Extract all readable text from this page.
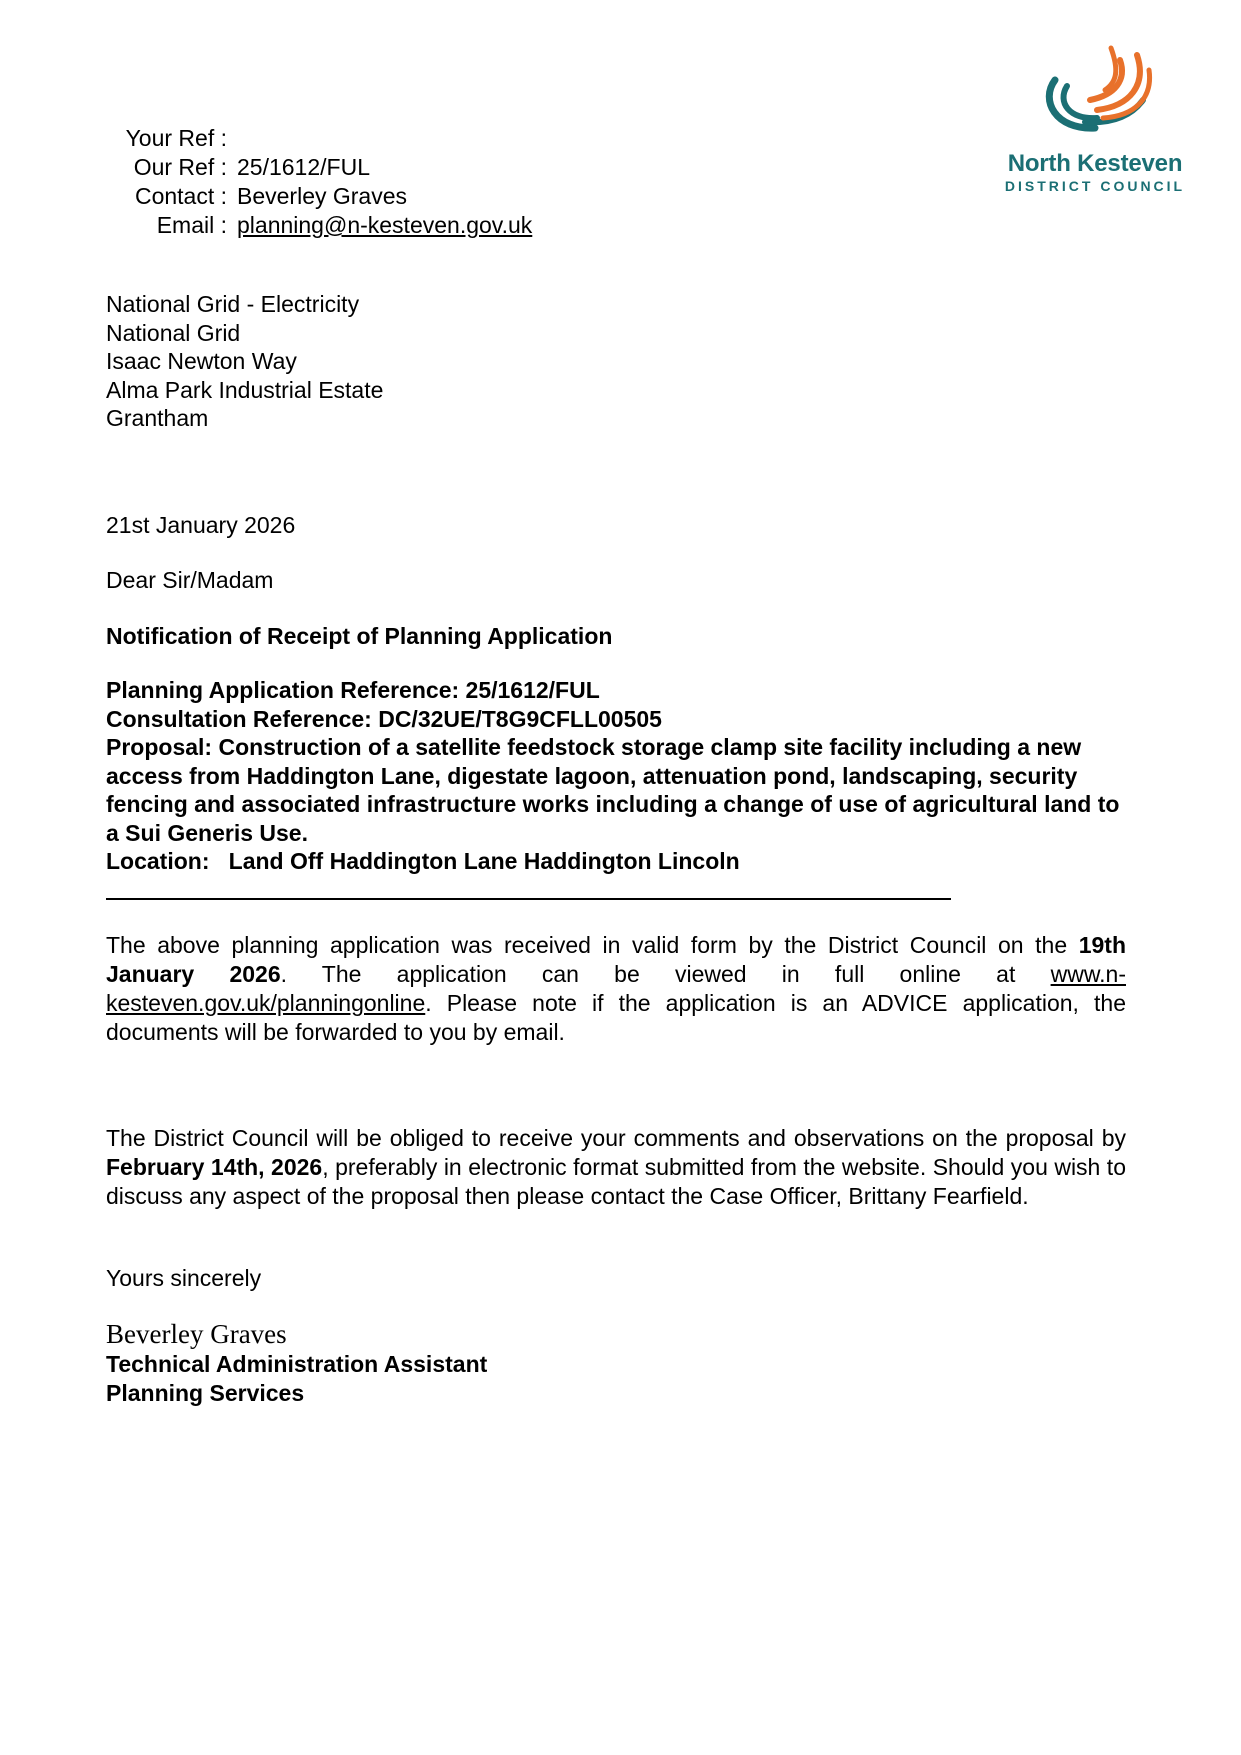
North Kesteven
DISTRICT COUNCIL
Your Ref :
Our Ref : 25/1612/FUL
Contact : Beverley Graves
Email : planning@n-kesteven.gov.uk
National Grid - Electricity
National Grid
Isaac Newton Way
Alma Park Industrial Estate
Grantham
21st January 2026
Dear Sir/Madam
Notification of Receipt of Planning Application
Planning Application Reference: 25/1612/FUL
Consultation Reference: DC/32UE/T8G9CFLL00505
Proposal: Construction of a satellite feedstock storage clamp site facility including a new access from Haddington Lane, digestate lagoon, attenuation pond, landscaping, security fencing and associated infrastructure works including a change of use of agricultural land to a Sui Generis Use.
Location:   Land Off Haddington Lane Haddington Lincoln
The above planning application was received in valid form by the District Council on the 19th January 2026. The application can be viewed in full online at www.n-kesteven.gov.uk/planningonline. Please note if the application is an ADVICE application, the documents will be forwarded to you by email.
The District Council will be obliged to receive your comments and observations on the proposal by February 14th, 2026, preferably in electronic format submitted from the website. Should you wish to discuss any aspect of the proposal then please contact the Case Officer, Brittany Fearfield.
Yours sincerely
Beverley Graves
Technical Administration Assistant
Planning Services
